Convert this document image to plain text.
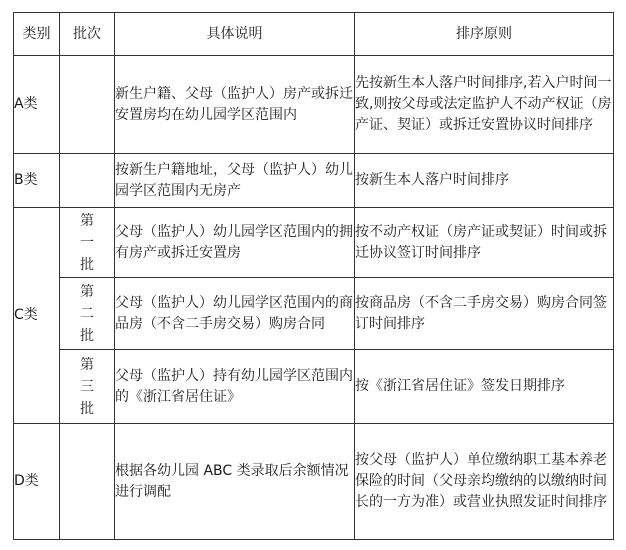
类别	批次	具体说明	排序原则
A类		新生户籍、父母（监护人）房产或拆迁安置房均在幼儿园学区范围内	先按新生本人落户时间排序,若入户时间一致,则按父母或法定监护人不动产权证（房产证、契证）或拆迁安置协议时间排序
B类		按新生户籍地址，父母（监护人）幼儿园学区范围内无房产	按新生本人落户时间排序
C类	第一批	父母（监护人）幼儿园学区范围内的拥有房产或拆迁安置房	按不动产权证（房产证或契证）时间或拆迁协议签订时间排序
	第二批	父母（监护人）幼儿园学区范围内的商品房（不含二手房交易）购房合同	按商品房（不含二手房交易）购房合同签订时间排序
	第三批	父母（监护人）持有幼儿园学区范围内的《浙江省居住证》	按《浙江省居住证》签发日期排序
D类		根据各幼儿园 ABC 类录取后余额情况进行调配	按父母（监护人）单位缴纳职工基本养老保险的时间（父母亲均缴纳的以缴纳时间长的一方为准）或营业执照发证时间排序
